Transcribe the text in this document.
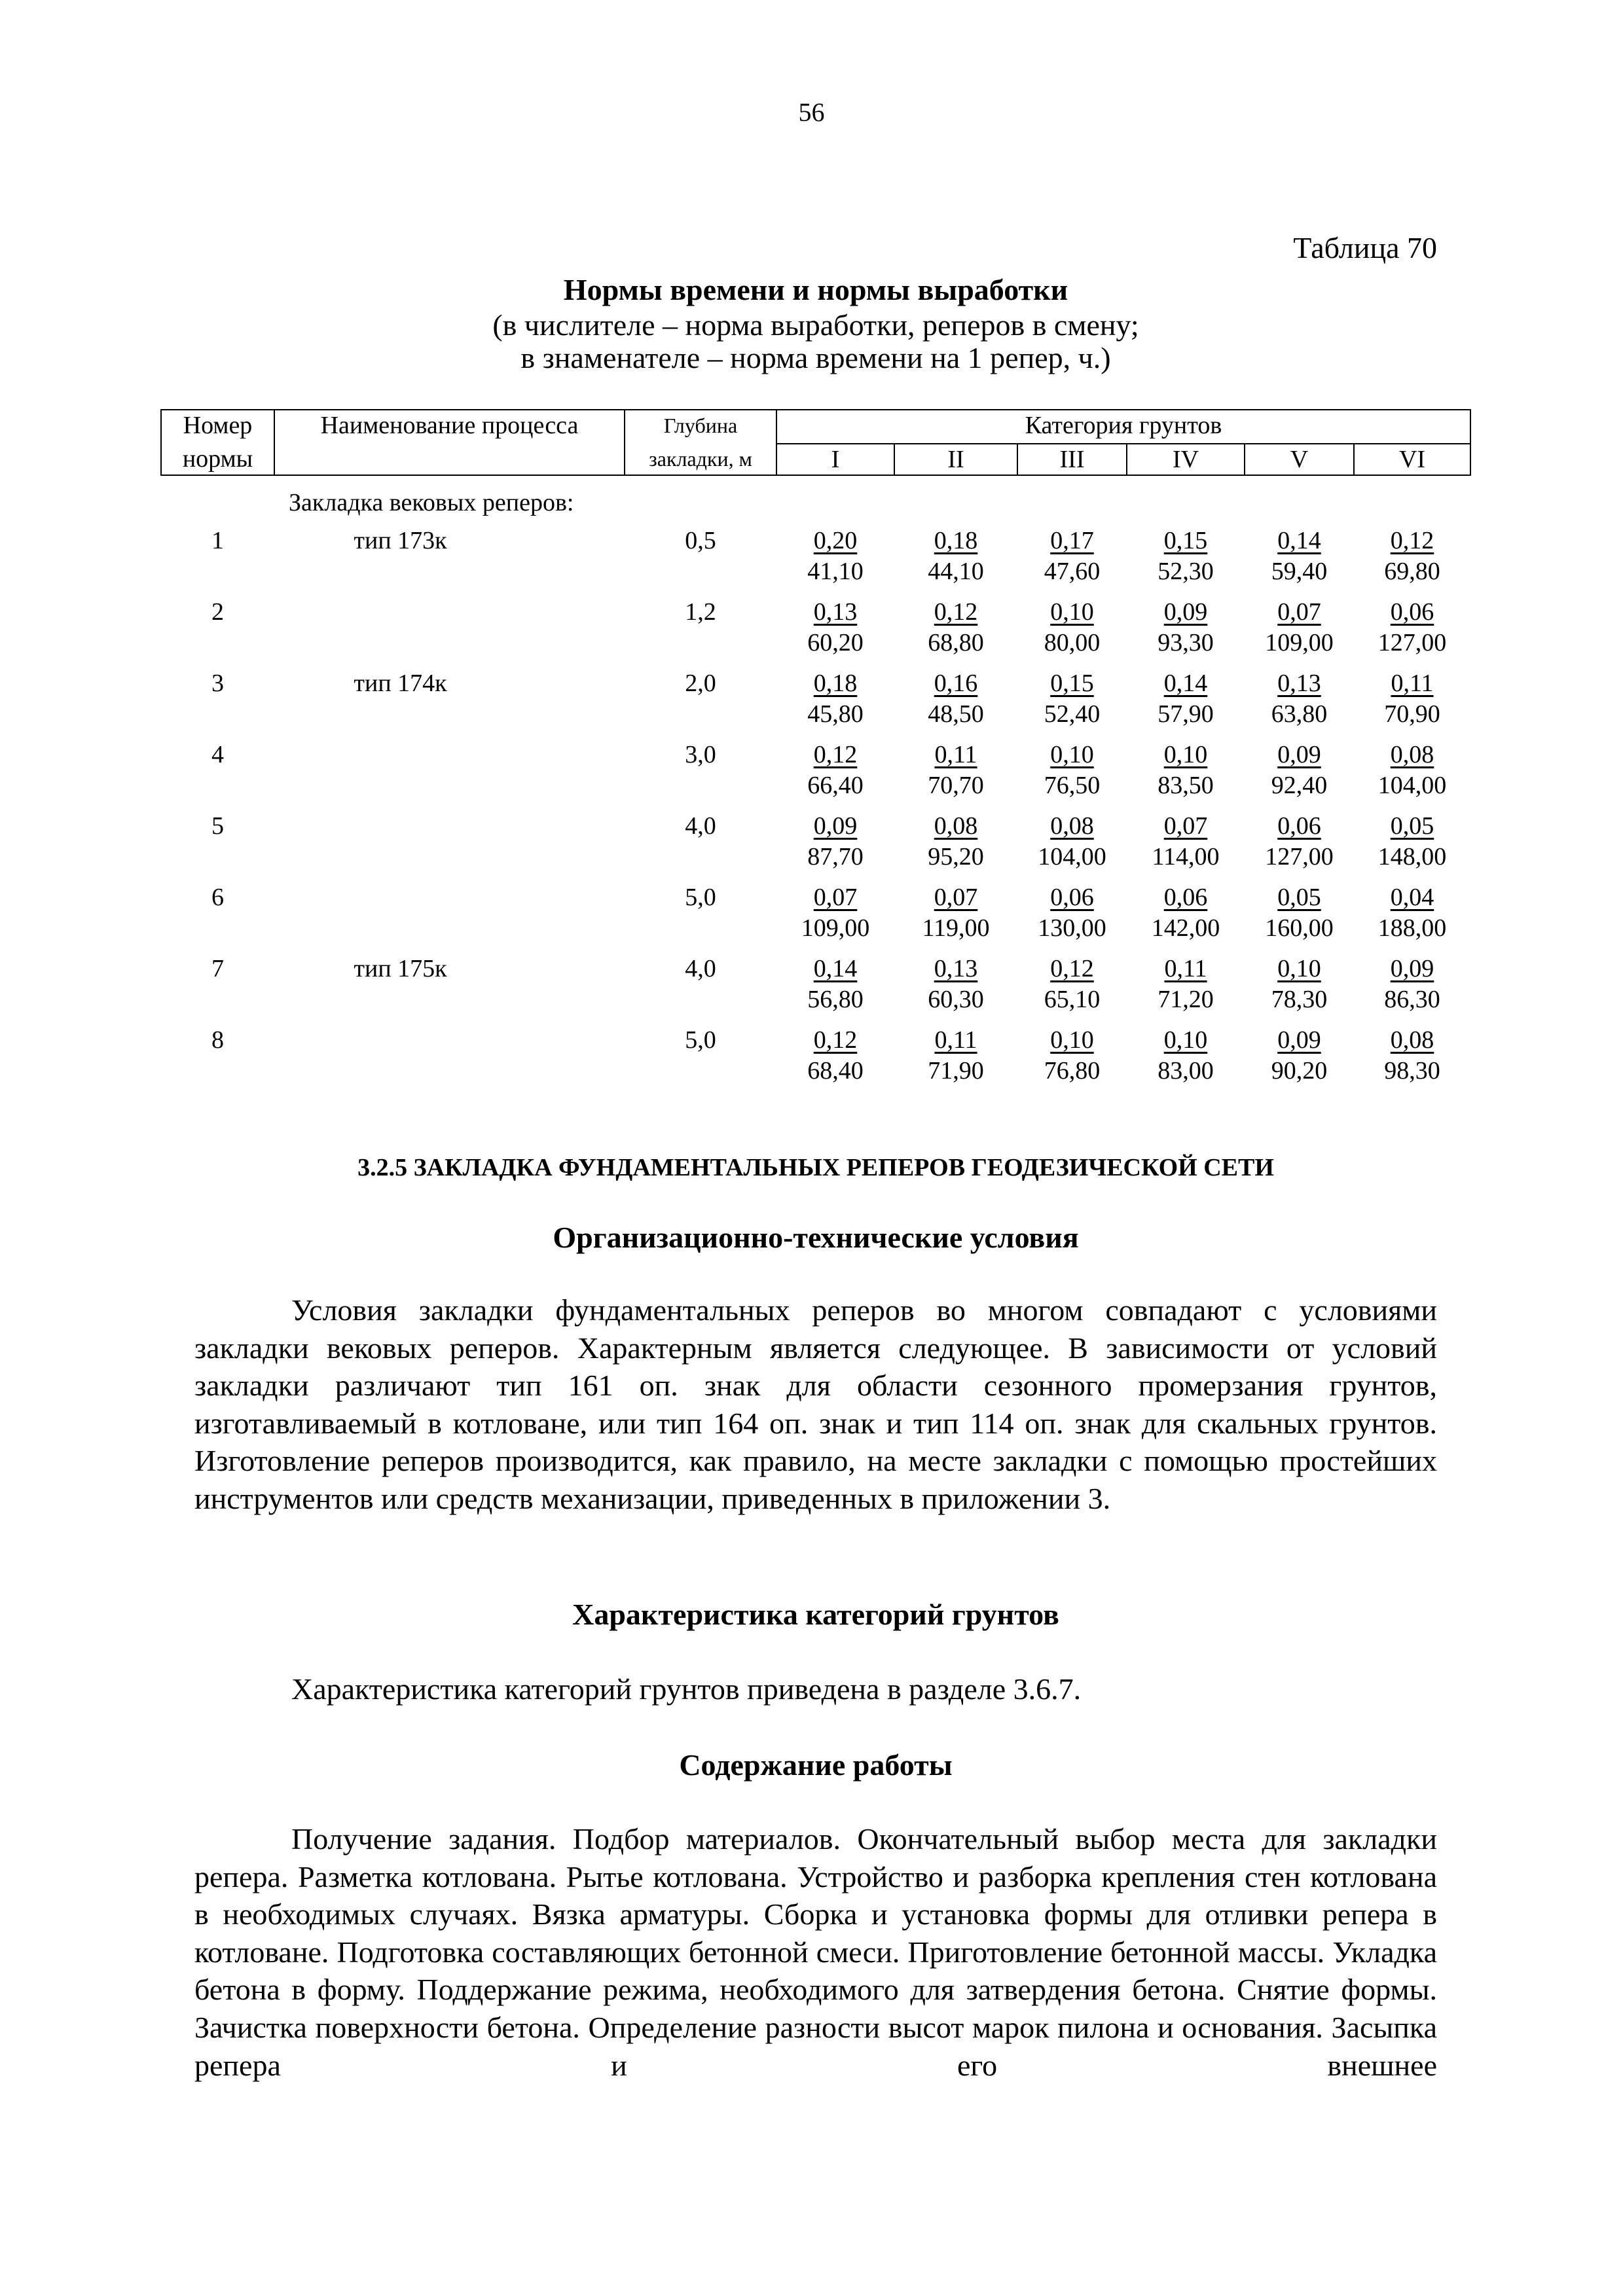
56
Таблица 70
Нормы времени и нормы выработки
(в числителе – норма выработки, реперов в смену;
в знаменателе – норма времени на 1 репер, ч.)
Номер	Наименование процесса	Глубина	Категория грунтов					
нормы		закладки, м	I	II	III	IV	V	VI
	Закладка вековых реперов:							
1	тип 173к	0,5	$\frac{0,20}{41,10}$	$\frac{0,18}{44,10}$	$\frac{0,17}{47,60}$	$\frac{0,15}{52,30}$	$\frac{0,14}{59,40}$	$\frac{0,12}{69,80}$

2		1,2	$\frac{0,13}{60,20}$	$\frac{0,12}{68,80}$	$\frac{0,10}{80,00}$	$\frac{0,09}{93,30}$	$\frac{0,07}{109,00}$	$\frac{0,06}{127,00}$

3	тип 174к	2,0	$\frac{0,18}{45,80}$	$\frac{0,16}{48,50}$	$\frac{0,15}{52,40}$	$\frac{0,14}{57,90}$	$\frac{0,13}{63,80}$	$\frac{0,11}{70,90}$

4		3,0	$\frac{0,12}{66,40}$	$\frac{0,11}{70,70}$	$\frac{0,10}{76,50}$	$\frac{0,10}{83,50}$	$\frac{0,09}{92,40}$	$\frac{0,08}{104,00}$

5		4,0	$\frac{0,09}{87,70}$	$\frac{0,08}{95,20}$	$\frac{0,08}{104,00}$	$\frac{0,07}{114,00}$	$\frac{0,06}{127,00}$	$\frac{0,05}{148,00}$

6		5,0	$\frac{0,07}{109,00}$	$\frac{0,07}{119,00}$	$\frac{0,06}{130,00}$	$\frac{0,06}{142,00}$	$\frac{0,05}{160,00}$	$\frac{0,04}{188,00}$

7	тип 175к	4,0	$\frac{0,14}{56,80}$	$\frac{0,13}{60,30}$	$\frac{0,12}{65,10}$	$\frac{0,11}{71,20}$	$\frac{0,10}{78,30}$	$\frac{0,09}{86,30}$

8		5,0	$\frac{0,12}{68,40}$	$\frac{0,11}{71,90}$	$\frac{0,10}{76,80}$	$\frac{0,10}{83,00}$	$\frac{0,09}{90,20}$	$\frac{0,08}{98,30}$
3.2.5 ЗАКЛАДКА ФУНДАМЕНТАЛЬНЫХ РЕПЕРОВ ГЕОДЕЗИЧЕСКОЙ СЕТИ
Организационно-технические условия
Условия закладки фундаментальных реперов во многом совпадают с условиями закладки вековых реперов. Характерным является следующее. В зависимости от условий закладки различают тип 161 оп. знак для области сезонного промерзания грунтов, изготавливаемый в котловане, или тип 164 оп. знак и тип 114 оп. знак для скальных грунтов. Изготовление реперов производится, как правило, на месте закладки с помощью простейших инструментов или средств механизации, приведенных в приложении 3.
Характеристика категорий грунтов
Характеристика категорий грунтов приведена в разделе 3.6.7.
Содержание работы
Получение задания. Подбор материалов. Окончательный выбор места для закладки репера. Разметка котлована. Рытье котлована. Устройство и разборка крепления стен котлована в необходимых случаях. Вязка арматуры. Сборка и установка формы для отливки репера в котловане. Подготовка составляющих бетонной смеси. Приготовление бетонной массы. Укладка бетона в форму. Поддержание режима, необходимого для затвердения бетона. Снятие формы. Зачистка поверхности бетона. Определение разности высот марок пилона и основания. Засыпка репера и его внешнее
